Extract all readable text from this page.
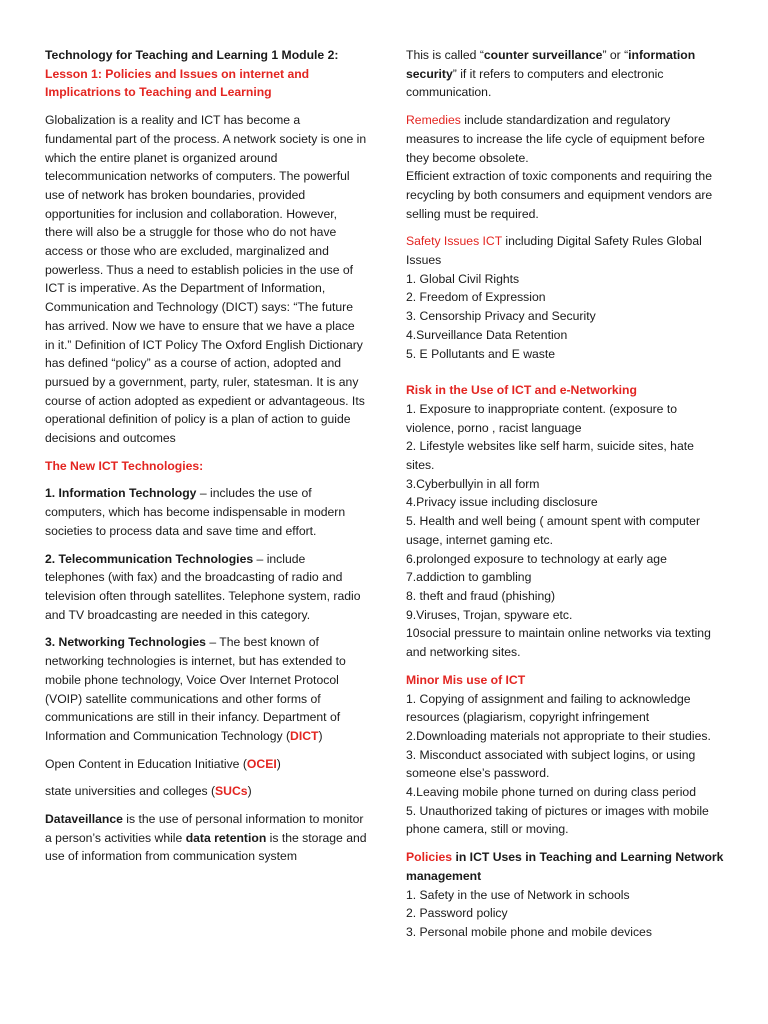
Technology for Teaching and Learning 1 Module 2:

Lesson 1: Policies and Issues on internet and Implicatrions to Teaching and Learning

Globalization is a reality and ICT has become a fundamental part of the process. A network society is one in which the entire planet is organized around telecommunication networks of computers. The powerful use of network has broken boundaries, provided opportunities for inclusion and collaboration. However, there will also be a struggle for those who do not have access or those who are excluded, marginalized and powerless. Thus a need to establish policies in the use of ICT is imperative. As the Department of Information, Communication and Technology (DICT) says: “The future has arrived. Now we have to ensure that we have a place in it.” Definition of ICT Policy The Oxford English Dictionary has defined “policy” as a course of action, adopted and pursued by a government, party, ruler, statesman. It is any course of action adopted as expedient or advantageous. Its operational definition of policy is a plan of action to guide decisions and outcomes

The New ICT Technologies:

1. Information Technology – includes the use of computers, which has become indispensable in modern societies to process data and save time and effort.

2. Telecommunication Technologies – include telephones (with fax) and the broadcasting of radio and television often through satellites. Telephone system, radio and TV broadcasting are needed in this category.

3. Networking Technologies – The best known of networking technologies is internet, but has extended to mobile phone technology, Voice Over Internet Protocol (VOIP) satellite communications and other forms of communications are still in their infancy. Department of Information and Communication Technology (DICT)

Open Content in Education Initiative (OCEI)

state universities and colleges (SUCs)

Dataveillance is the use of personal information to monitor a person’s activities while data retention is the storage and use of information from communication system

This is called “counter surveillance” or “information security” if it refers to computers and electronic communication.

Remedies include standardization and regulatory measures to increase the life cycle of equipment before they become obsolete.

Efficient extraction of toxic components and requiring the recycling by both consumers and equipment vendors are selling must be required.

Safety Issues ICT including Digital Safety Rules Global Issues

1. Global Civil Rights
2. Freedom of Expression
3. Censorship Privacy and Security
4.Surveillance Data Retention
5. E Pollutants and E waste

Risk in the Use of ICT and e-Networking

1. Exposure to inappropriate content. (exposure to violence, porno , racist language
2. Lifestyle websites like self harm, suicide sites, hate sites.
3.Cyberbullyin in all form
4.Privacy issue including disclosure
5. Health and well being ( amount spent with computer usage, internet gaming etc.
6.prolonged exposure to technology at early age
7.addiction to gambling
8. theft and fraud (phishing)
9.Viruses, Trojan, spyware etc.
10social pressure to maintain online networks via texting and networking sites.

Minor Mis use of ICT

1. Copying of assignment and failing to acknowledge resources (plagiarism, copyright infringement
2.Downloading materials not appropriate to their studies.
3. Misconduct associated with subject logins, or using someone else’s password.
4.Leaving mobile phone turned on during class period
5. Unauthorized taking of pictures or images with mobile phone camera, still or moving.

Policies in ICT Uses in Teaching and Learning Network management

1. Safety in the use of Network in schools
2. Password policy
3. Personal mobile phone and mobile devices
